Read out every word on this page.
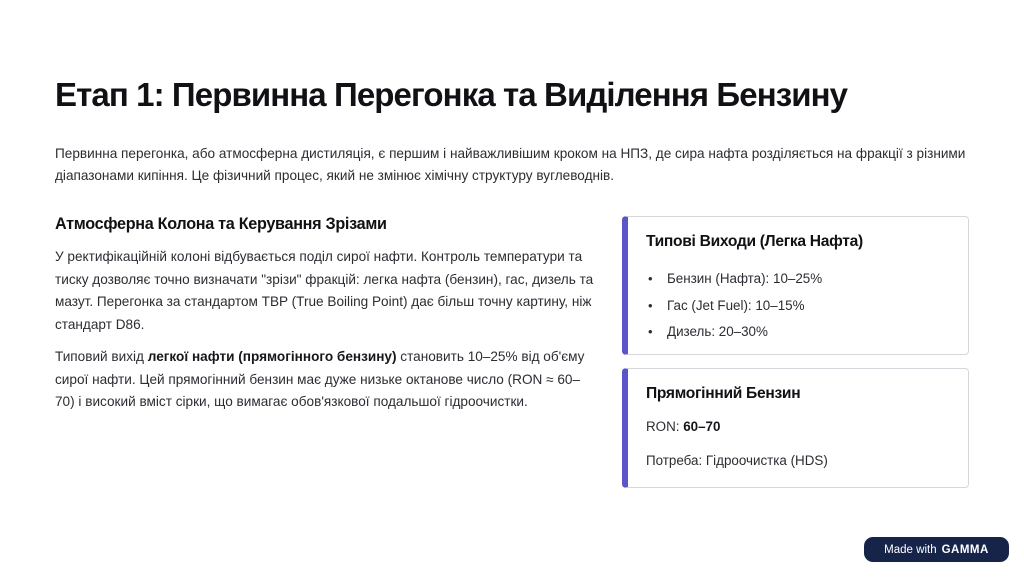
Етап 1: Первинна Перегонка та Виділення Бензину

Первинна перегонка, або атмосферна дистиляція, є першим і найважливішим кроком на НПЗ, де сира нафта розділяється на фракції з різними діапазонами кипіння. Це фізичний процес, який не змінює хімічну структуру вуглеводнів.

Атмосферна Колона та Керування Зрізами

У ректифікаційній колоні відбувається поділ сирої нафти. Контроль температури та тиску дозволяє точно визначати "зрізи" фракцій: легка нафта (бензин), гас, дизель та мазут. Перегонка за стандартом TBP (True Boiling Point) дає більш точну картину, ніж стандарт D86.

Типовий вихід легкої нафти (прямогінного бензину) становить 10–25% від об'єму сирої нафти. Цей прямогінний бензин має дуже низьке октанове число (RON ≈ 60–70) і високий вміст сірки, що вимагає обов'язкової подальшої гідроочистки.

Типові Виходи (Легка Нафта)
• Бензин (Нафта): 10–25%
• Гас (Jet Fuel): 10–15%
• Дизель: 20–30%
Прямогінний Бензин

RON: 60–70

Потреба: Гідроочистка (HDS)

Made with GAMMA
